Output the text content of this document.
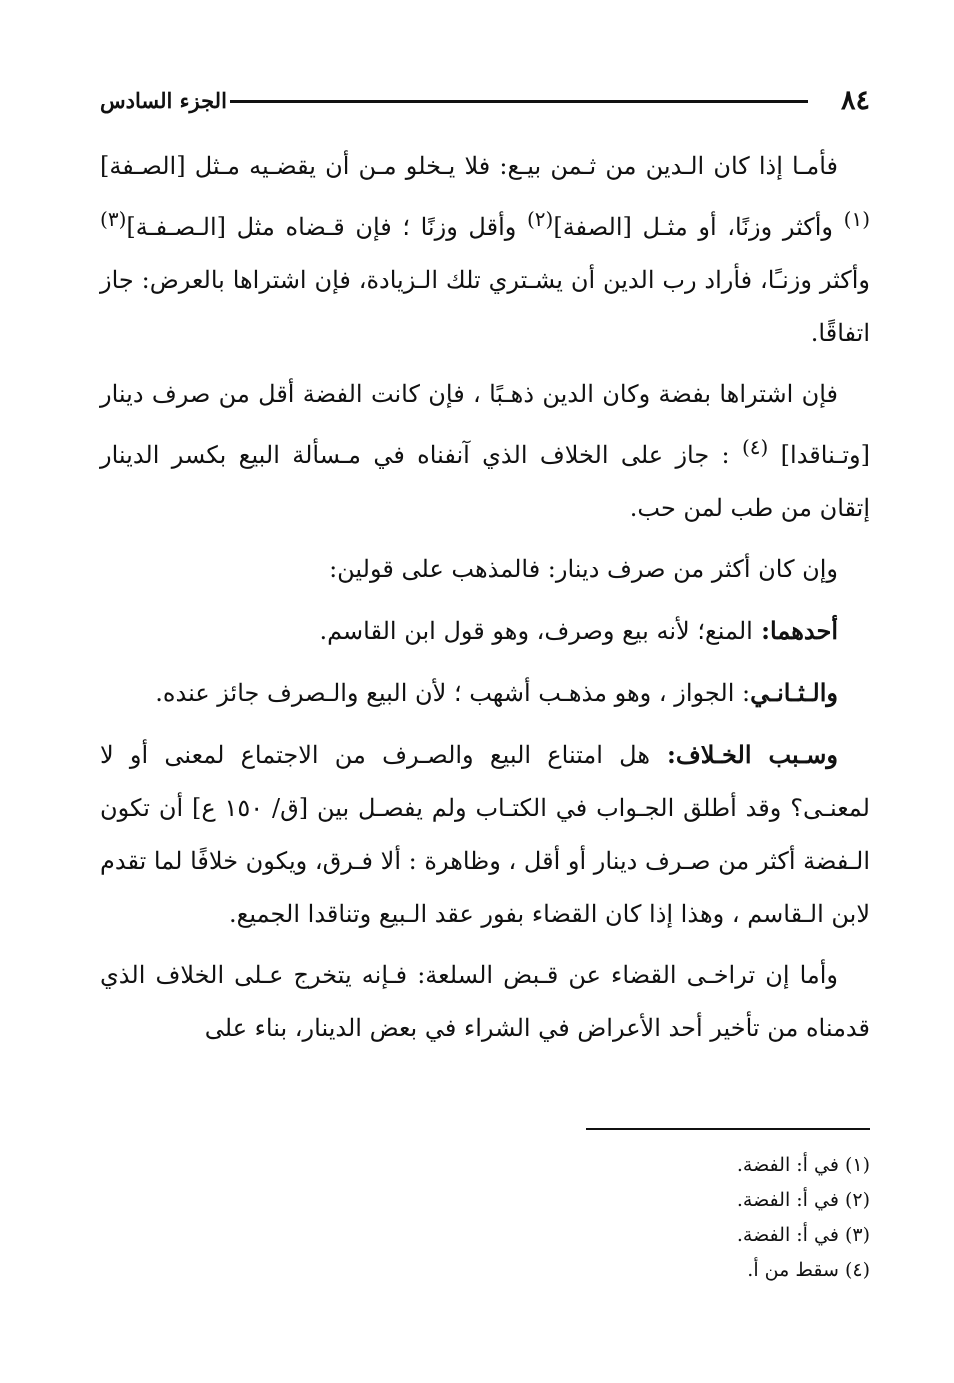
٨٤
الجزء السادس

فأمـا إذا كان الـدين من ثـمن بيـع: فلا يـخلو مـن أن يقضـيه مـثل [الصـفة]$^{(١)}$ وأكثر وزنًا، أو مثـل [الصفة]$^{(٢)}$ وأقل وزنًا ؛ فإن قـضاه مثل [الـصـفـة]$^{(٣)}$ وأكثر وزنـًا، فأراد رب الدين أن يشـتري تلك الـزيادة، فإن اشتراها بالعرض: جاز اتفاقًا.

فإن اشتراها بفضة وكان الدين ذهـبًا ، فإن كانت الفضة أقل من صرف دينار [وتـناقدا] $^{(٤)}$ : جاز على الخلاف الذي آنفناه في مـسألة البيع بكسر الدينار إتقان من طب لمن حب.

وإن كان أكثر من صرف دينار: فالمذهب على قولين:

أحدهما: المنع؛ لأنه بيع وصرف، وهو قول ابن القاسم.

والـثـانـي: الجواز ، وهو مذهـب أشهب ؛ لأن البيع والـصرف جائز عنده.

وسـبب الخـلاف: هل امتناع البيع والصـرف من الاجتماع لمعنى أو لا لمعنـى؟ وقد أطلق الجـواب في الكتـاب ولم يفصـل بين [ق/ ١٥٠ ع] أن تكون الـفضة أكثر من صـرف دينار أو أقل ، وظاهرة : ألا فـرق، ويكون خلافًا لما تقدم لابن الـقاسم ، وهذا إذا كان القضاء بفور عقد الـبيع وتناقدا الجميع.

وأما إن تراخـى القضاء عن قـبض السلعة: فـإنه يتخرج عـلى الخلاف الذي قدمناه من تأخير أحد الأعراض في الشراء في بعض الدينار، بناء على

(١) في أ: الفضة.
(٢) في أ: الفضة.
(٣) في أ: الفضة.
(٤) سقط من أ.
